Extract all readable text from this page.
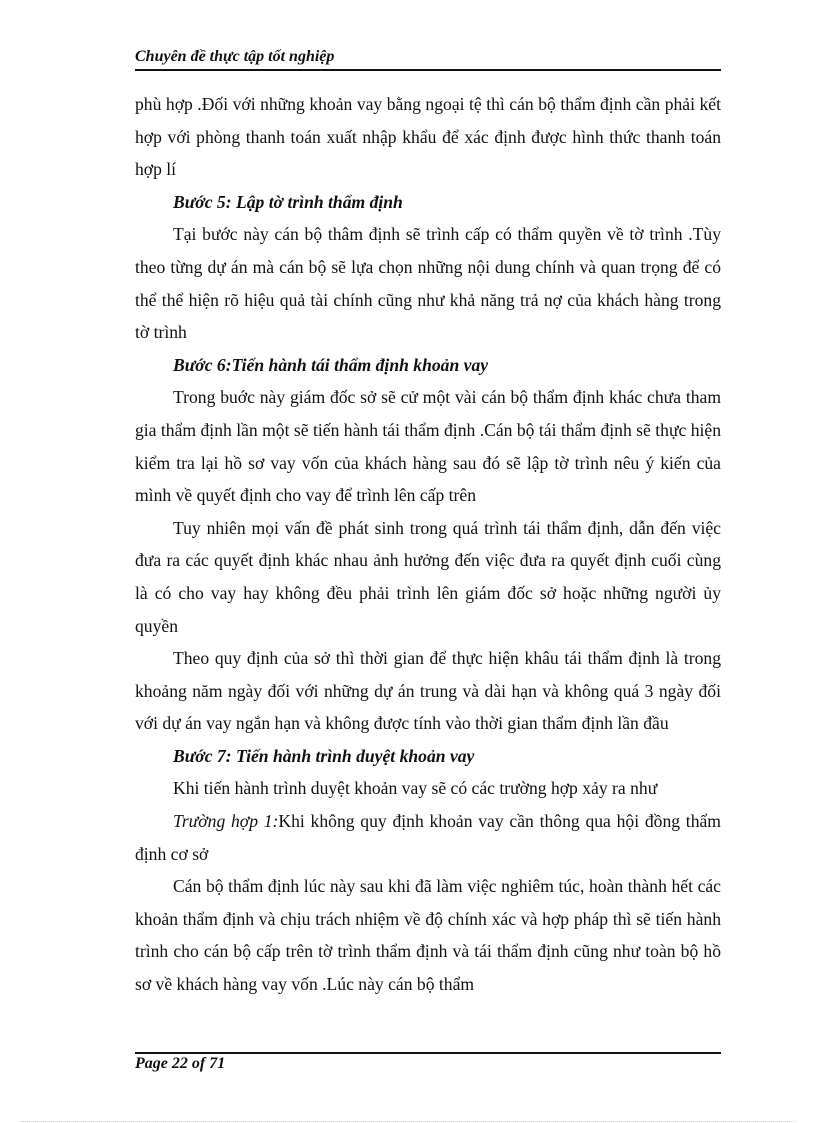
Chuyên đề thực tập tốt nghiệp

phù hợp .Đối với những khoản vay bằng ngoại tệ thì cán bộ thẩm định cần phải kết hợp với phòng thanh toán xuất nhập khẩu để xác định được hình thức thanh toán hợp lí

Bước 5: Lập tờ trình thẩm định

Tại bước này cán bộ thâm định sẽ trình cấp có thẩm quyền về tờ trình .Tùy theo từng dự án mà cán bộ sẽ lựa chọn những nội dung chính và quan trọng để có thể thể hiện rõ hiệu quả tài chính cũng như khả năng trả nợ của khách hàng trong tờ trình

Bước 6:Tiến hành tái thẩm định khoản vay

Trong buớc này giám đốc sở sẽ cử một vài cán bộ thẩm định khác chưa tham gia thẩm định lần một sẽ tiến hành tái thẩm định .Cán bộ tái thẩm định sẽ thực hiện kiểm tra lại hồ sơ vay vốn của khách hàng sau đó sẽ lập tờ trình nêu ý kiến của mình về quyết định cho vay để trình lên cấp trên

Tuy nhiên mọi vấn đề phát sinh trong quá trình tái thẩm định, dẫn đến việc đưa ra các quyết định khác nhau ảnh hưởng đến việc đưa ra quyết định cuối cùng là có cho vay hay không đều phải trình lên giám đốc sở hoặc những người ủy quyền

Theo quy định của sở thì thời gian để thực hiện khâu tái thẩm định là trong khoảng năm ngày đối với những dự án trung và dài hạn và không quá 3 ngày đối với dự án vay ngắn hạn và không được tính vào thời gian thẩm định lần đầu

Bước 7: Tiến hành trình duyệt khoản vay

Khi tiến hành trình duyệt khoản vay sẽ có các trường hợp xảy ra như

Trường hợp 1:Khi không quy định khoản vay cần thông qua hội đồng thẩm định cơ sở

Cán bộ thẩm định lúc này sau khi đã làm việc nghiêm túc, hoàn thành hết các khoản thẩm định và chịu trách nhiệm về độ chính xác và hợp pháp thì sẽ tiến hành trình cho cán bộ cấp trên tờ trình thẩm định và tái thẩm định cũng như toàn bộ hồ sơ về khách hàng vay vốn .Lúc này cán bộ thẩm

Page 22 of 71
